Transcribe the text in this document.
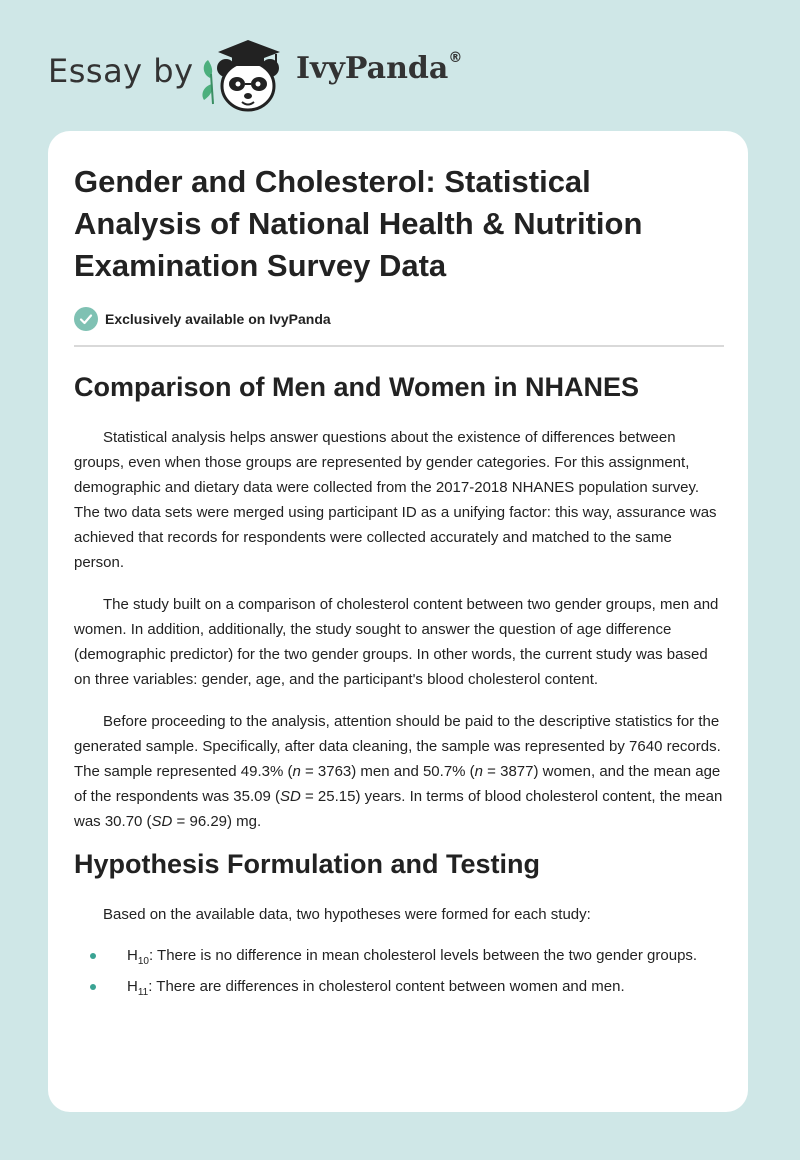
Essay by	IvyPanda®
Gender and Cholesterol: Statistical Analysis of National Health & Nutrition Examination Survey Data
Exclusively available on IvyPanda
Comparison of Men and Women in NHANES

Statistical analysis helps answer questions about the existence of differences between groups, even when those groups are represented by gender categories. For this assignment, demographic and dietary data were collected from the 2017-2018 NHANES population survey. The two data sets were merged using participant ID as a unifying factor: this way, assurance was achieved that records for respondents were collected accurately and matched to the same person.

The study built on a comparison of cholesterol content between two gender groups, men and women. In addition, additionally, the study sought to answer the question of age difference (demographic predictor) for the two gender groups. In other words, the current study was based on three variables: gender, age, and the participant's blood cholesterol content.

Before proceeding to the analysis, attention should be paid to the descriptive statistics for the generated sample. Specifically, after data cleaning, the sample was represented by 7640 records. The sample represented 49.3% (n = 3763) men and 50.7% (n = 3877) women, and the mean age of the respondents was 35.09 (SD = 25.15) years. In terms of blood cholesterol content, the mean was 30.70 (SD = 96.29) mg.

Hypothesis Formulation and Testing

Based on the available data, two hypotheses were formed for each study:

$H_{10}$: There is no difference in mean cholesterol levels between the two gender groups.
$H_{11}$: There are differences in cholesterol content between women and men.
